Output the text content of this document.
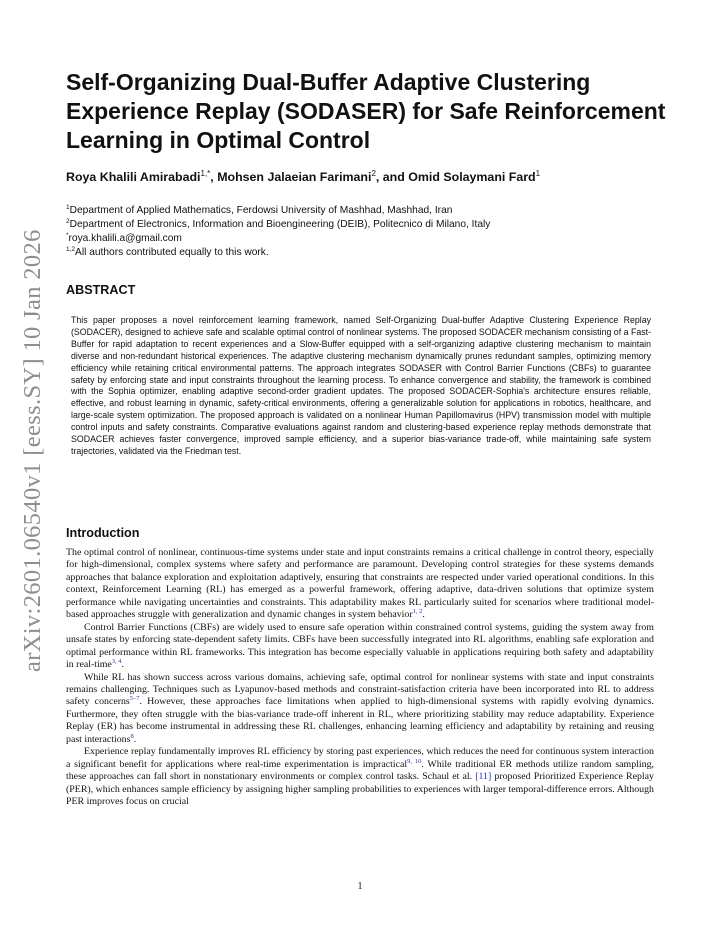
arXiv:2601.06540v1 [eess.SY] 10 Jan 2026
Self-Organizing Dual-Buffer Adaptive Clustering Experience Replay (SODASER) for Safe Reinforcement Learning in Optimal Control
Roya Khalili Amirabadi$^{1,*}$, Mohsen Jalaeian Farimani$^2$, and Omid Solaymani Fard$^1$
$^1$Department of Applied Mathematics, Ferdowsi University of Mashhad, Mashhad, Iran
$^2$Department of Electronics, Information and Bioengineering (DEIB), Politecnico di Milano, Italy
*roya.khalili.a@gmail.com
$^{1,2}$All authors contributed equally to this work.
ABSTRACT

This paper proposes a novel reinforcement learning framework, named Self-Organizing Dual-buffer Adaptive Clustering Experience Replay (SODACER), designed to achieve safe and scalable optimal control of nonlinear systems. The proposed SODACER mechanism consisting of a Fast-Buffer for rapid adaptation to recent experiences and a Slow-Buffer equipped with a self-organizing adaptive clustering mechanism to maintain diverse and non-redundant historical experiences. The adaptive clustering mechanism dynamically prunes redundant samples, optimizing memory efficiency while retaining critical environmental patterns. The approach integrates SODASER with Control Barrier Functions (CBFs) to guarantee safety by enforcing state and input constraints throughout the learning process. To enhance convergence and stability, the framework is combined with the Sophia optimizer, enabling adaptive second-order gradient updates. The proposed SODACER-Sophia's architecture ensures reliable, effective, and robust learning in dynamic, safety-critical environments, offering a generalizable solution for applications in robotics, healthcare, and large-scale system optimization. The proposed approach is validated on a nonlinear Human Papillomavirus (HPV) transmission model with multiple control inputs and safety constraints. Comparative evaluations against random and clustering-based experience replay methods demonstrate that SODACER achieves faster convergence, improved sample efficiency, and a superior bias-variance trade-off, while maintaining safe system trajectories, validated via the Friedman test.

Introduction

The optimal control of nonlinear, continuous-time systems under state and input constraints remains a critical challenge in control theory, especially for high-dimensional, complex systems where safety and performance are paramount. Developing control strategies for these systems demands approaches that balance exploration and exploitation adaptively, ensuring that constraints are respected under varied operational conditions. In this context, Reinforcement Learning (RL) has emerged as a powerful framework, offering adaptive, data-driven solutions that optimize system performance while navigating uncertainties and constraints. This adaptability makes RL particularly suited for scenarios where traditional model-based approaches struggle with generalization and dynamic changes in system behavior$^{1, 2}$.

Control Barrier Functions (CBFs) are widely used to ensure safe operation within constrained control systems, guiding the system away from unsafe states by enforcing state-dependent safety limits. CBFs have been successfully integrated into RL algorithms, enabling safe exploration and optimal performance within RL frameworks. This integration has become especially valuable in applications requiring both safety and adaptability in real-time$^{3, 4}$.

While RL has shown success across various domains, achieving safe, optimal control for nonlinear systems with state and input constraints remains challenging. Techniques such as Lyapunov-based methods and constraint-satisfaction criteria have been incorporated into RL to address safety concerns$^{5-7}$. However, these approaches face limitations when applied to high-dimensional systems with rapidly evolving dynamics. Furthermore, they often struggle with the bias-variance trade-off inherent in RL, where prioritizing stability may reduce adaptability. Experience Replay (ER) has become instrumental in addressing these RL challenges, enhancing learning efficiency and adaptability by retaining and reusing past interactions$^8$.

Experience replay fundamentally improves RL efficiency by storing past experiences, which reduces the need for continuous system interaction a significant benefit for applications where real-time experimentation is impractical$^{9, 10}$. While traditional ER methods utilize random sampling, these approaches can fall short in nonstationary environments or complex control tasks. Schaul et al. [11] proposed Prioritized Experience Replay (PER), which enhances sample efficiency by assigning higher sampling probabilities to experiences with larger temporal-difference errors. Although PER improves focus on crucial

1
